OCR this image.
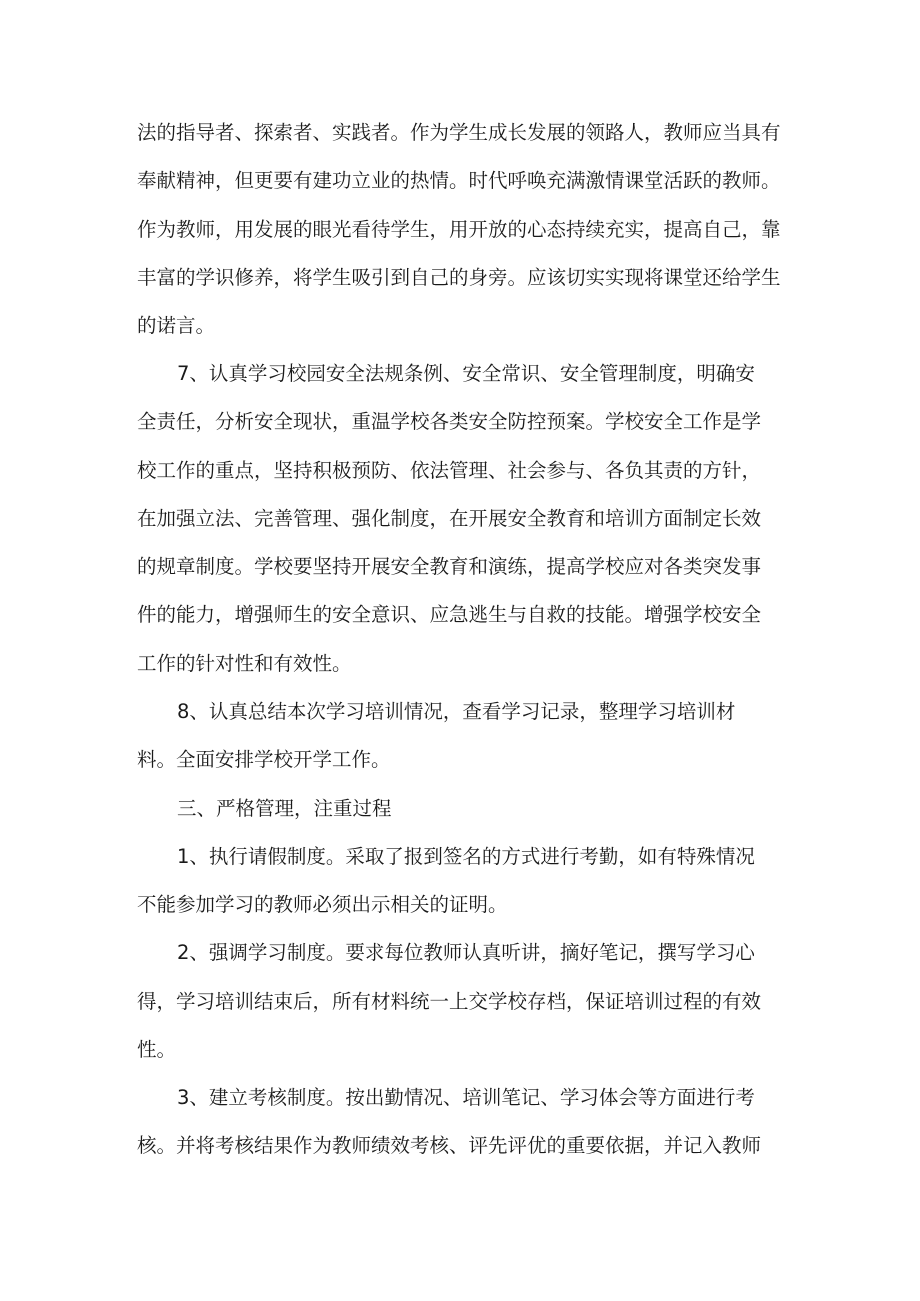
法的指导者、探索者、实践者。作为学生成长发展的领路人，教师应当具有

奉献精神，但更要有建功立业的热情。时代呼唤充满激情课堂活跃的教师。

作为教师，用发展的眼光看待学生，用开放的心态持续充实，提高自己，靠

丰富的学识修养，将学生吸引到自己的身旁。应该切实实现将课堂还给学生

的诺言。

7、认真学习校园安全法规条例、安全常识、安全管理制度，明确安

全责任，分析安全现状，重温学校各类安全防控预案。学校安全工作是学

校工作的重点，坚持积极预防、依法管理、社会参与、各负其责的方针，

在加强立法、完善管理、强化制度，在开展安全教育和培训方面制定长效

的规章制度。学校要坚持开展安全教育和演练，提高学校应对各类突发事

件的能力，增强师生的安全意识、应急逃生与自救的技能。增强学校安全

工作的针对性和有效性。

8、认真总结本次学习培训情况，查看学习记录，整理学习培训材

料。全面安排学校开学工作。

三、严格管理，注重过程

1、执行请假制度。采取了报到签名的方式进行考勤，如有特殊情况

不能参加学习的教师必须出示相关的证明。

2、强调学习制度。要求每位教师认真听讲，摘好笔记，撰写学习心

得，学习培训结束后，所有材料统一上交学校存档，保证培训过程的有效

性。

3、建立考核制度。按出勤情况、培训笔记、学习体会等方面进行考

核。并将考核结果作为教师绩效考核、评先评优的重要依据，并记入教师
